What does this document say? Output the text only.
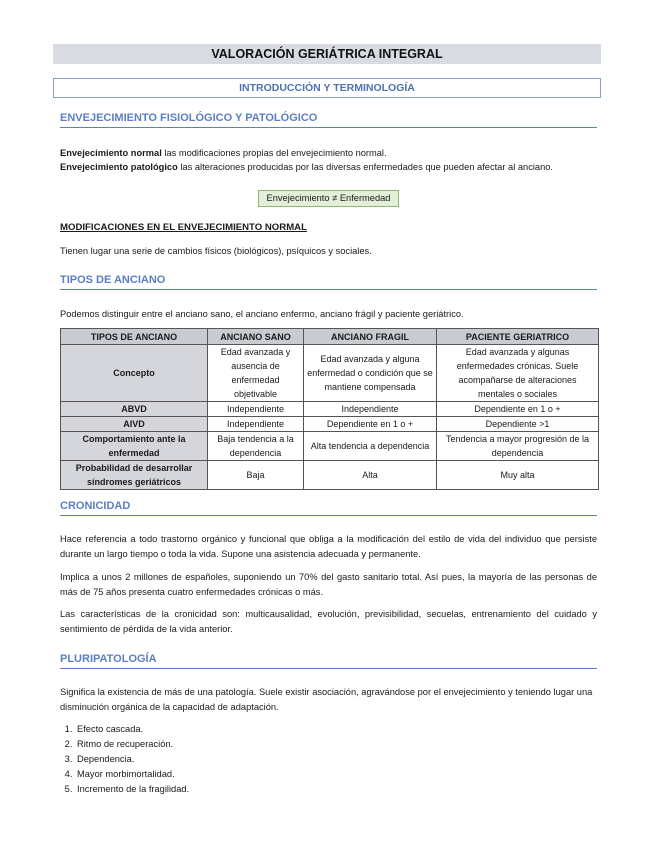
VALORACIÓN GERIÁTRICA INTEGRAL
INTRODUCCIÓN Y TERMINOLOGÍA
ENVEJECIMIENTO FISIOLÓGICO Y PATOLÓGICO
Envejecimiento normal las modificaciones propias del envejecimiento normal.
Envejecimiento patológico las alteraciones producidas por las diversas enfermedades que pueden afectar al anciano.
Envejecimiento ≠ Enfermedad
MODIFICACIONES EN EL ENVEJECIMIENTO NORMAL
Tienen lugar una serie de cambios físicos (biológicos), psíquicos y sociales.
TIPOS DE ANCIANO
Podemos distinguir entre el anciano sano, el anciano enfermo, anciano frágil y paciente geriátrico.
TIPOS DE ANCIANO	ANCIANO SANO	ANCIANO FRAGIL	PACIENTE GERIATRICO
Concepto	Edad avanzada y ausencia de enfermedad objetivable	Edad avanzada y alguna enfermedad o condición que se mantiene compensada	Edad avanzada y algunas enfermedades crónicas. Suele acompañarse de alteraciones mentales o sociales
ABVD	Independiente	Independiente	Dependiente en 1 o +
AIVD	Independiente	Dependiente en 1 o +	Dependiente >1
Comportamiento ante la enfermedad	Baja tendencia a la dependencia	Alta tendencia a dependencia	Tendencia a mayor progresión de la dependencia
Probabilidad de desarrollar síndromes geriátricos	Baja	Alta	Muy alta
CRONICIDAD
Hace referencia a todo trastorno orgánico y funcional que obliga a la modificación del estilo de vida del individuo que persiste durante un largo tiempo o toda la vida. Supone una asistencia adecuada y permanente.
Implica a unos 2 millones de españoles, suponiendo un 70% del gasto sanitario total. Así pues, la mayoría de las personas de más de 75 años presenta cuatro enfermedades crónicas o más.
Las características de la cronicidad son: multicausalidad, evolución, previsibilidad, secuelas, entrenamiento del cuidado y sentimiento de pérdida de la vida anterior.
PLURIPATOLOGÍA
Significa la existencia de más de una patología. Suele existir asociación, agravándose por el envejecimiento y teniendo lugar una disminución orgánica de la capacidad de adaptación.
1. Efecto cascada.
2. Ritmo de recuperación.
3. Dependencia.
4. Mayor morbimortalidad.
5. Incremento de la fragilidad.
